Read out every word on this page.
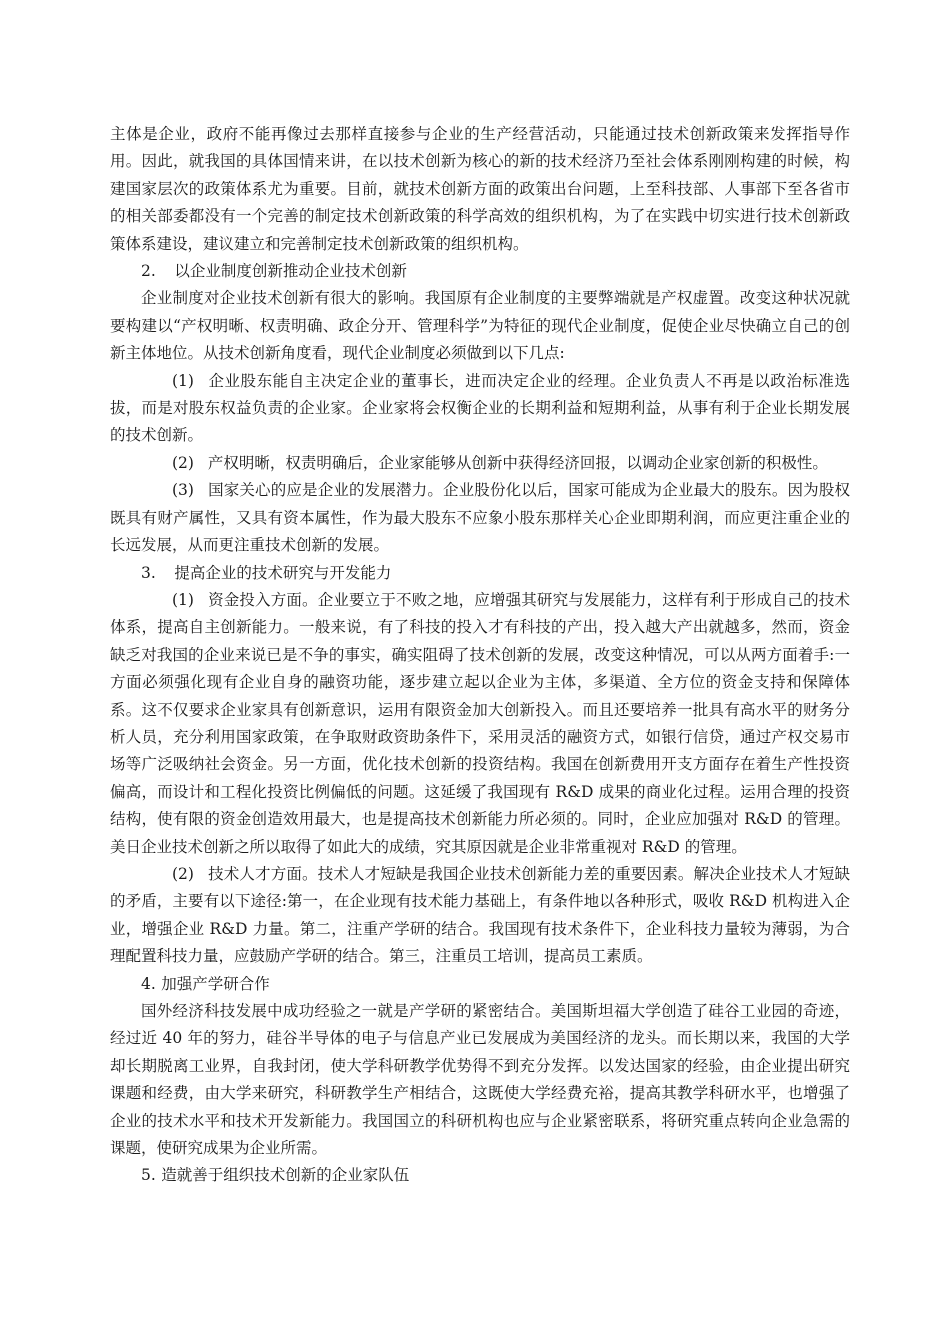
主体是企业，政府不能再像过去那样直接参与企业的生产经营活动，只能通过技术创新政策来发挥指导作用。因此，就我国的具体国情来讲，在以技术创新为核心的新的技术经济乃至社会体系刚刚构建的时候，构建国家层次的政策体系尤为重要。目前，就技术创新方面的政策出台问题，上至科技部、人事部下至各省市的相关部委都没有一个完善的制定技术创新政策的科学高效的组织机构，为了在实践中切实进行技术创新政策体系建设，建议建立和完善制定技术创新政策的组织机构。

2. 以企业制度创新推动企业技术创新

企业制度对企业技术创新有很大的影响。我国原有企业制度的主要弊端就是产权虚置。改变这种状况就要构建以“产权明晰、权责明确、政企分开、管理科学”为特征的现代企业制度，促使企业尽快确立自己的创新主体地位。从技术创新角度看，现代企业制度必须做到以下几点:

(1) 企业股东能自主决定企业的董事长，进而决定企业的经理。企业负责人不再是以政治标准选拔，而是对股东权益负责的企业家。企业家将会权衡企业的长期利益和短期利益，从事有利于企业长期发展的技术创新。

(2) 产权明晰，权责明确后，企业家能够从创新中获得经济回报，以调动企业家创新的积极性。

(3) 国家关心的应是企业的发展潜力。企业股份化以后，国家可能成为企业最大的股东。因为股权既具有财产属性，又具有资本属性，作为最大股东不应象小股东那样关心企业即期利润，而应更注重企业的长远发展，从而更注重技术创新的发展。

3. 提高企业的技术研究与开发能力

(1) 资金投入方面。企业要立于不败之地，应增强其研究与发展能力，这样有利于形成自己的技术体系，提高自主创新能力。一般来说，有了科技的投入才有科技的产出，投入越大产出就越多，然而，资金缺乏对我国的企业来说已是不争的事实，确实阻碍了技术创新的发展，改变这种情况，可以从两方面着手:一方面必须强化现有企业自身的融资功能，逐步建立起以企业为主体，多渠道、全方位的资金支持和保障体系。这不仅要求企业家具有创新意识，运用有限资金加大创新投入。而且还要培养一批具有高水平的财务分析人员，充分利用国家政策，在争取财政资助条件下，采用灵活的融资方式，如银行信贷，通过产权交易市场等广泛吸纳社会资金。另一方面，优化技术创新的投资结构。我国在创新费用开支方面存在着生产性投资偏高，而设计和工程化投资比例偏低的问题。这延缓了我国现有 R&D 成果的商业化过程。运用合理的投资结构，使有限的资金创造效用最大，也是提高技术创新能力所必须的。同时，企业应加强对 R&D 的管理。美日企业技术创新之所以取得了如此大的成绩，究其原因就是企业非常重视对 R&D 的管理。

(2) 技术人才方面。技术人才短缺是我国企业技术创新能力差的重要因素。解决企业技术人才短缺的矛盾，主要有以下途径:第一，在企业现有技术能力基础上，有条件地以各种形式，吸收 R&D 机构进入企业，增强企业 R&D 力量。第二，注重产学研的结合。我国现有技术条件下，企业科技力量较为薄弱，为合理配置科技力量，应鼓励产学研的结合。第三，注重员工培训，提高员工素质。

4. 加强产学研合作

国外经济科技发展中成功经验之一就是产学研的紧密结合。美国斯坦福大学创造了硅谷工业园的奇迹，经过近 40 年的努力，硅谷半导体的电子与信息产业已发展成为美国经济的龙头。而长期以来，我国的大学却长期脱离工业界，自我封闭，使大学科研教学优势得不到充分发挥。以发达国家的经验，由企业提出研究课题和经费，由大学来研究，科研教学生产相结合，这既使大学经费充裕，提高其教学科研水平，也增强了企业的技术水平和技术开发新能力。我国国立的科研机构也应与企业紧密联系，将研究重点转向企业急需的课题，使研究成果为企业所需。

5. 造就善于组织技术创新的企业家队伍
